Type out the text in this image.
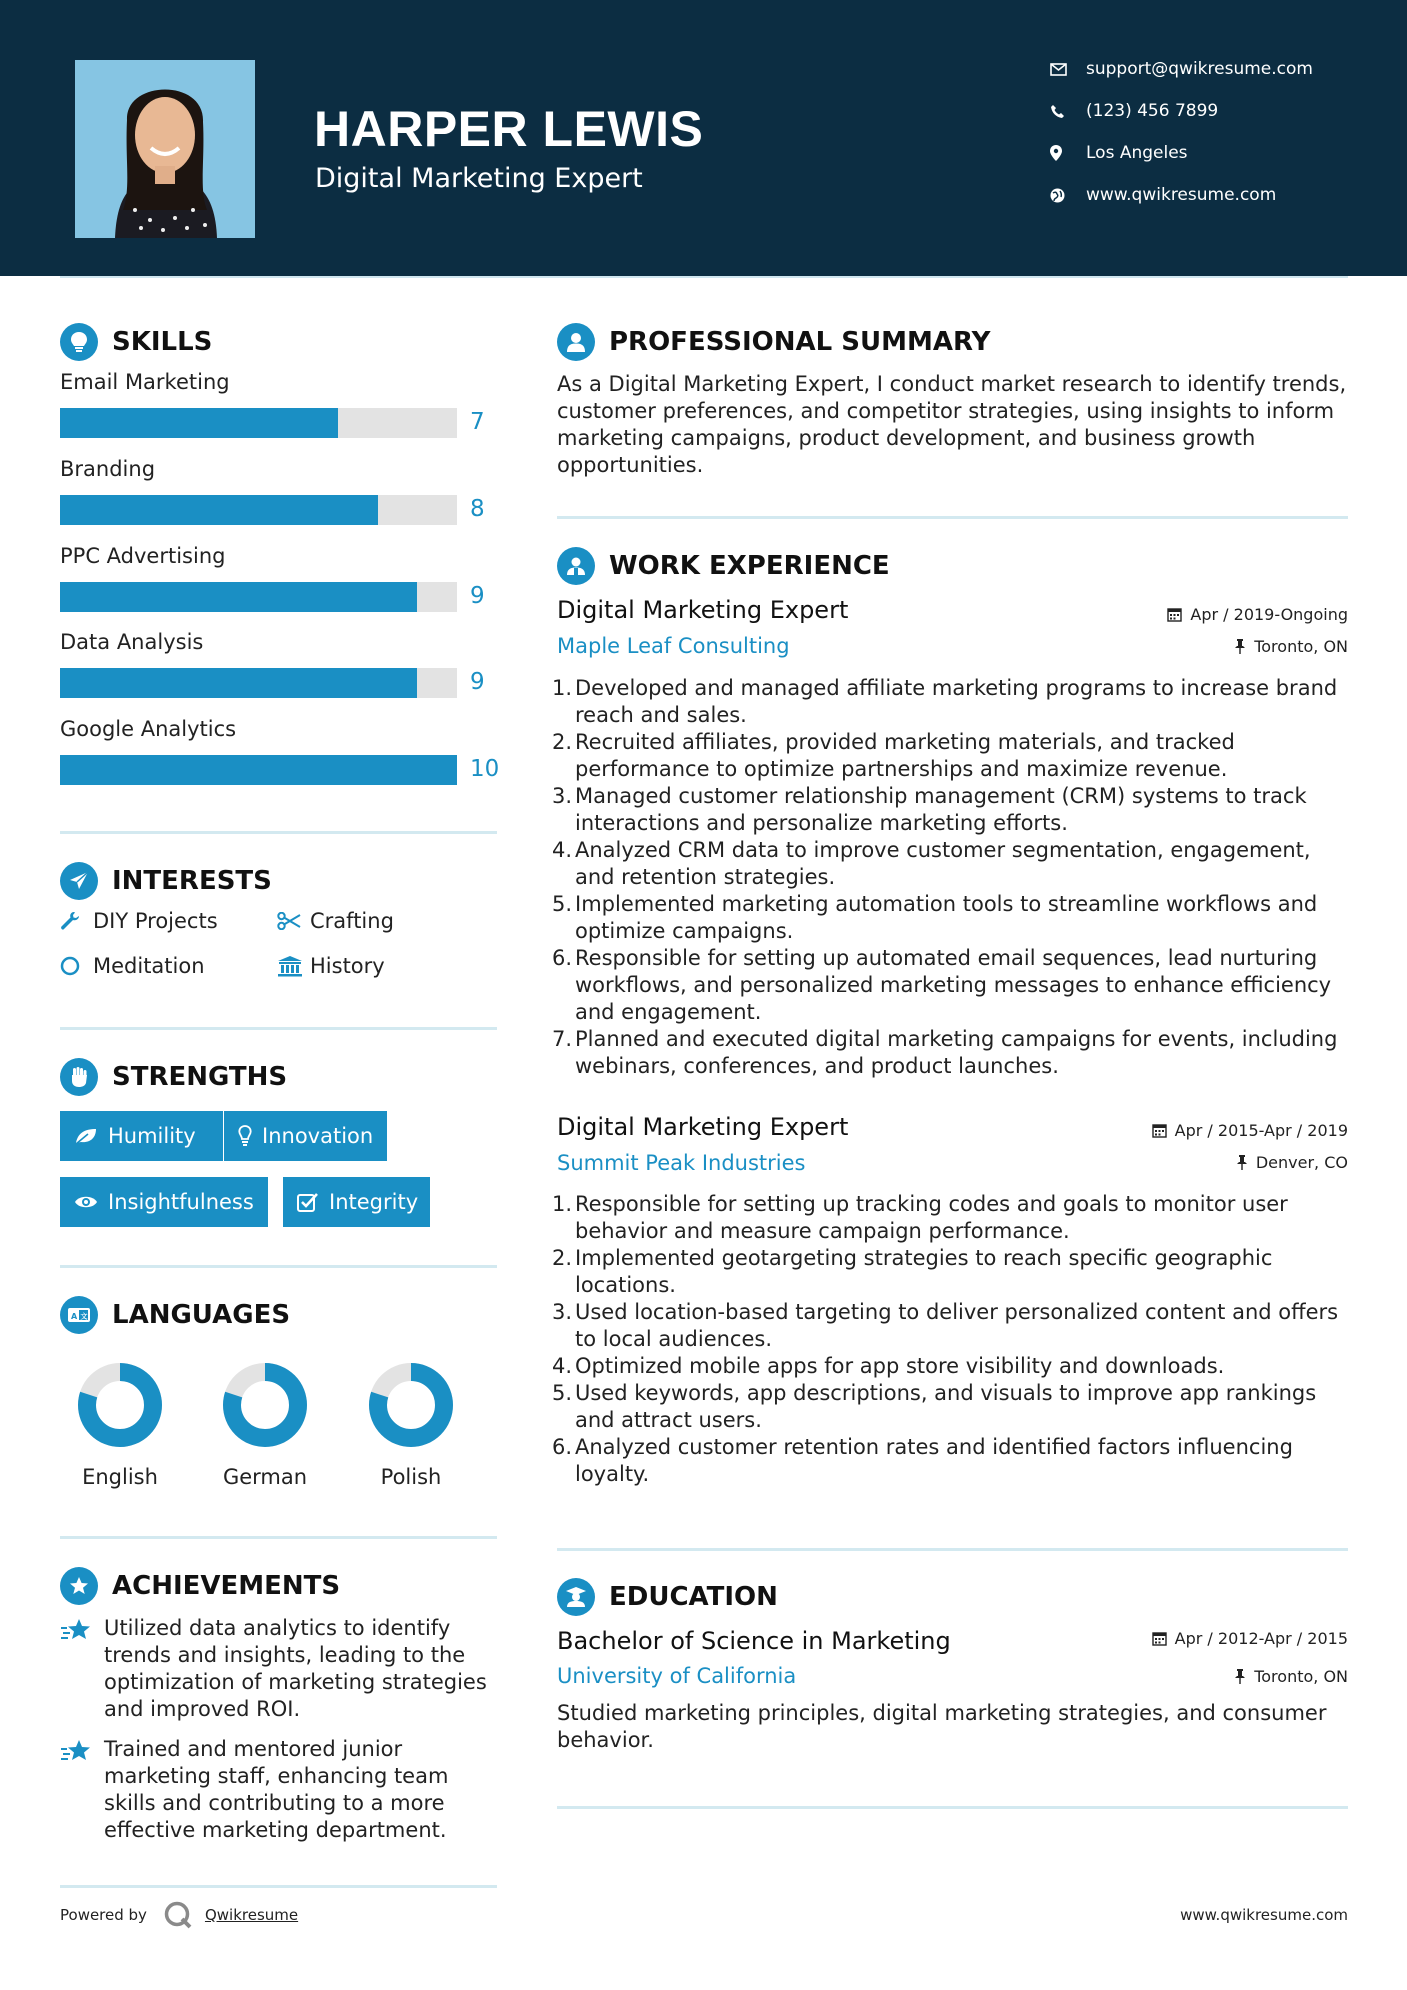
HARPER LEWIS
Digital Marketing Expert
support@qwikresume.com
(123) 456 7899
Los Angeles
www.qwikresume.com
SKILLS
Email Marketing
7
Branding
8
PPC Advertising
9
Data Analysis
9
Google Analytics
10
INTERESTS
DIY Projects	Crafting
Meditation	History
STRENGTHS
Humility	Innovation
Insightfulness	Integrity
A 文 LANGUAGES
English	German	Polish
ACHIEVEMENTS
Utilized data analytics to identify trends and insights, leading to the optimization of marketing strategies and improved ROI.
Trained and mentored junior marketing staff, enhancing team skills and contributing to a more effective marketing department.
PROFESSIONAL SUMMARY
As a Digital Marketing Expert, I conduct market research to identify trends, customer preferences, and competitor strategies, using insights to inform marketing campaigns, product development, and business growth opportunities.
WORK EXPERIENCE
Digital Marketing Expert	Apr / 2019-Ongoing
Maple Leaf Consulting	Toronto, ON
1. Developed and managed affiliate marketing programs to increase brand reach and sales.
2. Recruited affiliates, provided marketing materials, and tracked performance to optimize partnerships and maximize revenue.
3. Managed customer relationship management (CRM) systems to track interactions and personalize marketing efforts.
4. Analyzed CRM data to improve customer segmentation, engagement, and retention strategies.
5. Implemented marketing automation tools to streamline workflows and optimize campaigns.
6. Responsible for setting up automated email sequences, lead nurturing workflows, and personalized marketing messages to enhance efficiency and engagement.
7. Planned and executed digital marketing campaigns for events, including webinars, conferences, and product launches.
Digital Marketing Expert	Apr / 2015-Apr / 2019
Summit Peak Industries	Denver, CO
1. Responsible for setting up tracking codes and goals to monitor user behavior and measure campaign performance.
2. Implemented geotargeting strategies to reach specific geographic locations.
3. Used location-based targeting to deliver personalized content and offers to local audiences.
4. Optimized mobile apps for app store visibility and downloads.
5. Used keywords, app descriptions, and visuals to improve app rankings and attract users.
6. Analyzed customer retention rates and identified factors influencing loyalty.
EDUCATION
Bachelor of Science in Marketing	Apr / 2012-Apr / 2015
University of California	Toronto, ON
Studied marketing principles, digital marketing strategies, and consumer behavior.
Powered by	Qwikresume	www.qwikresume.com
